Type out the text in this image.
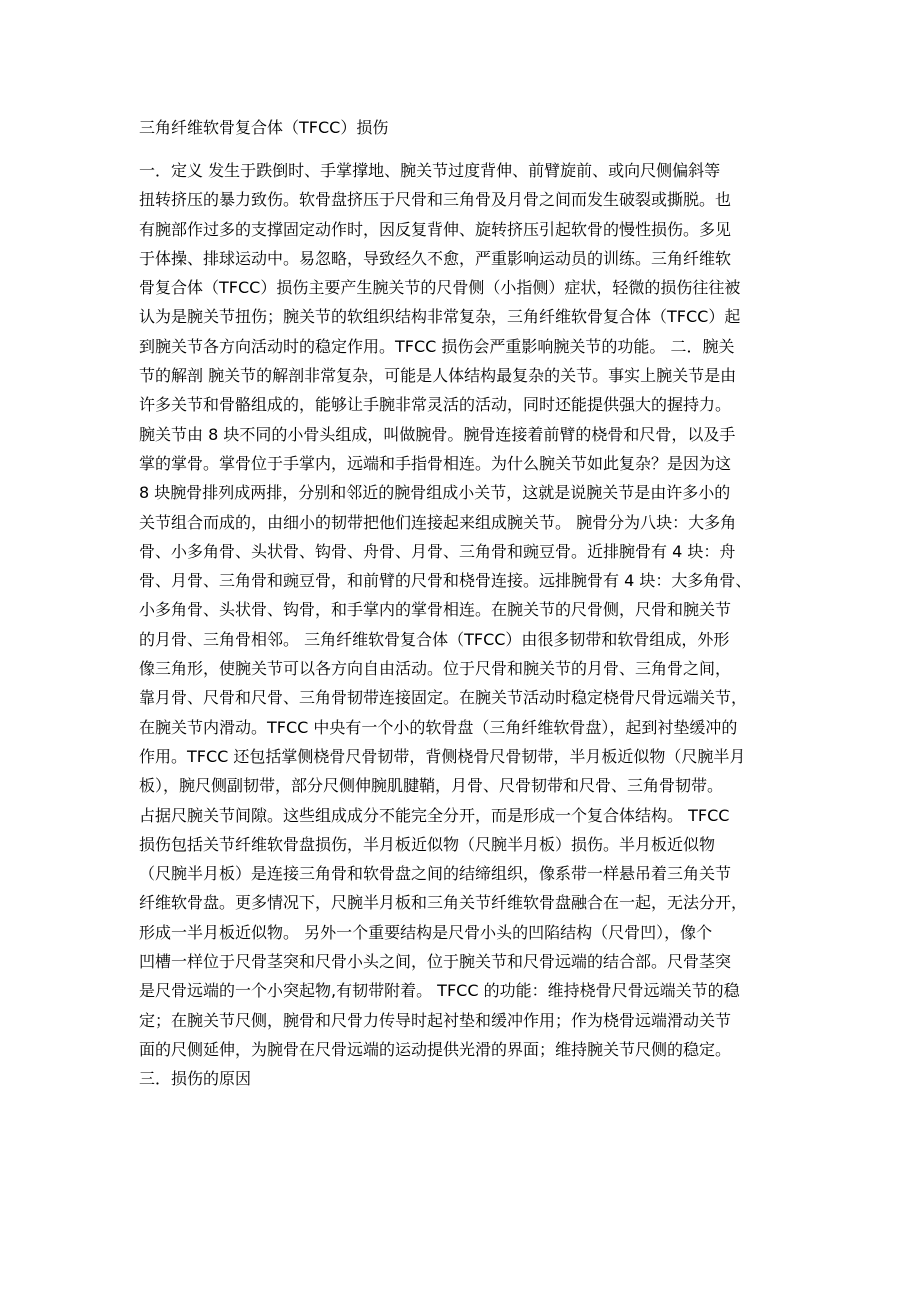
三角纤维软骨复合体（TFCC）损伤
一．定义 发生于跌倒时、手掌撑地、腕关节过度背伸、前臂旋前、或向尺侧偏斜等
扭转挤压的暴力致伤。软骨盘挤压于尺骨和三角骨及月骨之间而发生破裂或撕脱。也
有腕部作过多的支撑固定动作时，因反复背伸、旋转挤压引起软骨的慢性损伤。多见
于体操、排球运动中。易忽略，导致经久不愈，严重影响运动员的训练。三角纤维软
骨复合体（TFCC）损伤主要产生腕关节的尺骨侧（小指侧）症状，轻微的损伤往往被
认为是腕关节扭伤；腕关节的软组织结构非常复杂，三角纤维软骨复合体（TFCC）起
到腕关节各方向活动时的稳定作用。TFCC 损伤会严重影响腕关节的功能。 二．腕关
节的解剖 腕关节的解剖非常复杂，可能是人体结构最复杂的关节。事实上腕关节是由
许多关节和骨骼组成的，能够让手腕非常灵活的活动，同时还能提供强大的握持力。
腕关节由 8 块不同的小骨头组成，叫做腕骨。腕骨连接着前臂的桡骨和尺骨，以及手
掌的掌骨。掌骨位于手掌内，远端和手指骨相连。为什么腕关节如此复杂？是因为这
8 块腕骨排列成两排，分别和邻近的腕骨组成小关节，这就是说腕关节是由许多小的
关节组合而成的，由细小的韧带把他们连接起来组成腕关节。 腕骨分为八块：大多角
骨、小多角骨、头状骨、钩骨、舟骨、月骨、三角骨和豌豆骨。近排腕骨有 4 块：舟
骨、月骨、三角骨和豌豆骨，和前臂的尺骨和桡骨连接。远排腕骨有 4 块：大多角骨、
小多角骨、头状骨、钩骨，和手掌内的掌骨相连。在腕关节的尺骨侧，尺骨和腕关节
的月骨、三角骨相邻。 三角纤维软骨复合体（TFCC）由很多韧带和软骨组成，外形
像三角形，使腕关节可以各方向自由活动。位于尺骨和腕关节的月骨、三角骨之间，
靠月骨、尺骨和尺骨、三角骨韧带连接固定。在腕关节活动时稳定桡骨尺骨远端关节，
在腕关节内滑动。TFCC 中央有一个小的软骨盘（三角纤维软骨盘），起到衬垫缓冲的
作用。TFCC 还包括掌侧桡骨尺骨韧带，背侧桡骨尺骨韧带，半月板近似物（尺腕半月
板），腕尺侧副韧带，部分尺侧伸腕肌腱鞘，月骨、尺骨韧带和尺骨、三角骨韧带。
占据尺腕关节间隙。这些组成成分不能完全分开，而是形成一个复合体结构。 TFCC
损伤包括关节纤维软骨盘损伤，半月板近似物（尺腕半月板）损伤。半月板近似物
（尺腕半月板）是连接三角骨和软骨盘之间的结缔组织，像系带一样悬吊着三角关节
纤维软骨盘。更多情况下，尺腕半月板和三角关节纤维软骨盘融合在一起，无法分开，
形成一半月板近似物。 另外一个重要结构是尺骨小头的凹陷结构（尺骨凹），像个
凹槽一样位于尺骨茎突和尺骨小头之间，位于腕关节和尺骨远端的结合部。尺骨茎突
是尺骨远端的一个小突起物,有韧带附着。 TFCC 的功能：维持桡骨尺骨远端关节的稳
定；在腕关节尺侧，腕骨和尺骨力传导时起衬垫和缓冲作用；作为桡骨远端滑动关节
面的尺侧延伸，为腕骨在尺骨远端的运动提供光滑的界面；维持腕关节尺侧的稳定。
三．损伤的原因
